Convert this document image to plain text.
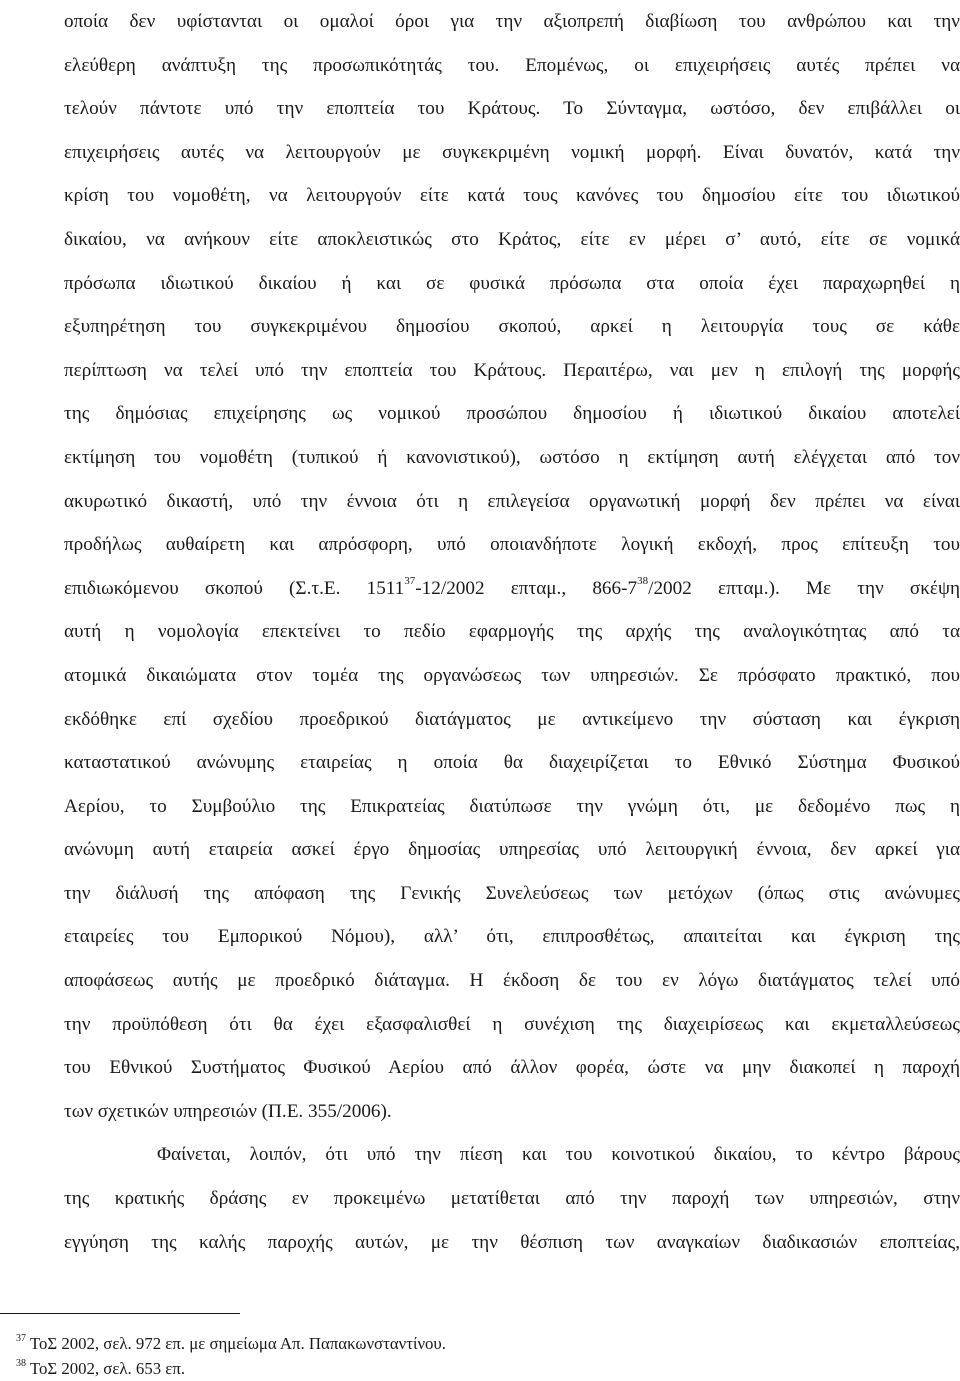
οποία δεν υφίστανται οι ομαλοί όροι για την αξιοπρεπή διαβίωση του ανθρώπου και την
ελεύθερη ανάπτυξη της προσωπικότητάς του. Επομένως, οι επιχειρήσεις αυτές πρέπει να
τελούν πάντοτε υπό την εποπτεία του Κράτους. Το Σύνταγμα, ωστόσο, δεν επιβάλλει οι
επιχειρήσεις αυτές να λειτουργούν με συγκεκριμένη νομική μορφή. Είναι δυνατόν, κατά την
κρίση του νομοθέτη, να λειτουργούν είτε κατά τους κανόνες του δημοσίου είτε του ιδιωτικού
δικαίου, να ανήκουν είτε αποκλειστικώς στο Κράτος, είτε εν μέρει σ’ αυτό, είτε σε νομικά
πρόσωπα ιδιωτικού δικαίου ή και σε φυσικά πρόσωπα στα οποία έχει παραχωρηθεί η
εξυπηρέτηση του συγκεκριμένου δημοσίου σκοπού, αρκεί η λειτουργία τους σε κάθε
περίπτωση να τελεί υπό την εποπτεία του Κράτους. Περαιτέρω, ναι μεν η επιλογή της μορφής
της δημόσιας επιχείρησης ως νομικού προσώπου δημοσίου ή ιδιωτικού δικαίου αποτελεί
εκτίμηση του νομοθέτη (τυπικού ή κανονιστικού), ωστόσο η εκτίμηση αυτή ελέγχεται από τον
ακυρωτικό δικαστή, υπό την έννοια ότι η επιλεγείσα οργανωτική μορφή δεν πρέπει να είναι
προδήλως αυθαίρετη και απρόσφορη, υπό οποιανδήποτε λογική εκδοχή, προς επίτευξη του
επιδιωκόμενου σκοπού (Σ.τ.Ε. 1511$^{37}$-12/2002 επταμ., $866-7^{38}/2002$ επταμ.). Με την σκέψη
αυτή η νομολογία επεκτείνει το πεδίο εφαρμογής της αρχής της αναλογικότητας από τα
ατομικά δικαιώματα στον τομέα της οργανώσεως των υπηρεσιών. Σε πρόσφατο πρακτικό, που
εκδόθηκε επί σχεδίου προεδρικού διατάγματος με αντικείμενο την σύσταση και έγκριση
καταστατικού ανώνυμης εταιρείας η οποία θα διαχειρίζεται το Εθνικό Σύστημα Φυσικού
Αερίου, το Συμβούλιο της Επικρατείας διατύπωσε την γνώμη ότι, με δεδομένο πως η
ανώνυμη αυτή εταιρεία ασκεί έργο δημοσίας υπηρεσίας υπό λειτουργική έννοια, δεν αρκεί για
την διάλυσή της απόφαση της Γενικής Συνελεύσεως των μετόχων (όπως στις ανώνυμες
εταιρείες του Εμπορικού Νόμου), αλλ’ ότι, επιπροσθέτως, απαιτείται και έγκριση της
αποφάσεως αυτής με προεδρικό διάταγμα. Η έκδοση δε του εν λόγω διατάγματος τελεί υπό
την προϋπόθεση ότι θα έχει εξασφαλισθεί η συνέχιση της διαχειρίσεως και εκμεταλλεύσεως
του Εθνικού Συστήματος Φυσικού Αερίου από άλλον φορέα, ώστε να μην διακοπεί η παροχή
των σχετικών υπηρεσιών (Π.Ε. 355/2006).
Φαίνεται, λοιπόν, ότι υπό την πίεση και του κοινοτικού δικαίου, το κέντρο βάρους
της κρατικής δράσης εν προκειμένω μετατίθεται από την παροχή των υπηρεσιών, στην
εγγύηση της καλής παροχής αυτών, με την θέσπιση των αναγκαίων διαδικασιών εποπτείας,
$^{37}$ ΤοΣ 2002, σελ. 972 επ. με σημείωμα Απ. Παπακωνσταντίνου.
$^{38}$ ΤοΣ 2002, σελ. 653 επ.
